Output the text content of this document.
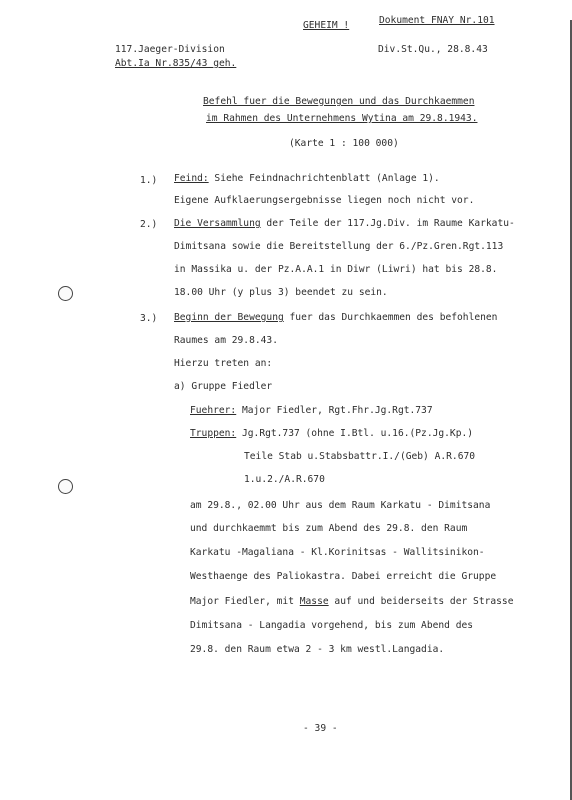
GEHEIM !	Dokument FNAY Nr.101
117.Jaeger-Division
Abt.Ia Nr.835/43 geh.
Div.St.Qu., 28.8.43
Befehl fuer die Bewegungen und das Durchkaemmen
im Rahmen des Unternehmens Wytina am 29.8.1943.
(Karte 1 : 100 000)
1.) Feind: Siehe Feindnachrichtenblatt (Anlage 1).
Eigene Aufklaerungsergebnisse liegen noch nicht vor.
2.) Die Versammlung der Teile der 117.Jg.Div. im Raume Karkatu-
Dimitsana sowie die Bereitstellung der 6./Pz.Gren.Rgt.113
in Massika u. der Pz.A.A.1 in Diwr (Liwri) hat bis 28.8.
18.00 Uhr (y plus 3) beendet zu sein.
3.) Beginn der Bewegung fuer das Durchkaemmen des befohlenen
Raumes am 29.8.43.
Hierzu treten an:
a) Gruppe Fiedler
Fuehrer: Major Fiedler, Rgt.Fhr.Jg.Rgt.737
Truppen: Jg.Rgt.737 (ohne I.Btl. u.16.(Pz.Jg.Kp.)
Teile Stab u.Stabsbattr.I./(Geb) A.R.670
1.u.2./A.R.670
am 29.8., 02.00 Uhr aus dem Raum Karkatu - Dimitsana
und durchkaemmt bis zum Abend des 29.8. den Raum
Karkatu -Magaliana - Kl.Korinitsas - Wallitsinikon-
Westhaenge des Paliokastra. Dabei erreicht die Gruppe
Major Fiedler, mit Masse auf und beiderseits der Strasse
Dimitsana - Langadia vorgehend, bis zum Abend des
29.8. den Raum etwa 2 - 3 km westl.Langadia.
- 39 -
